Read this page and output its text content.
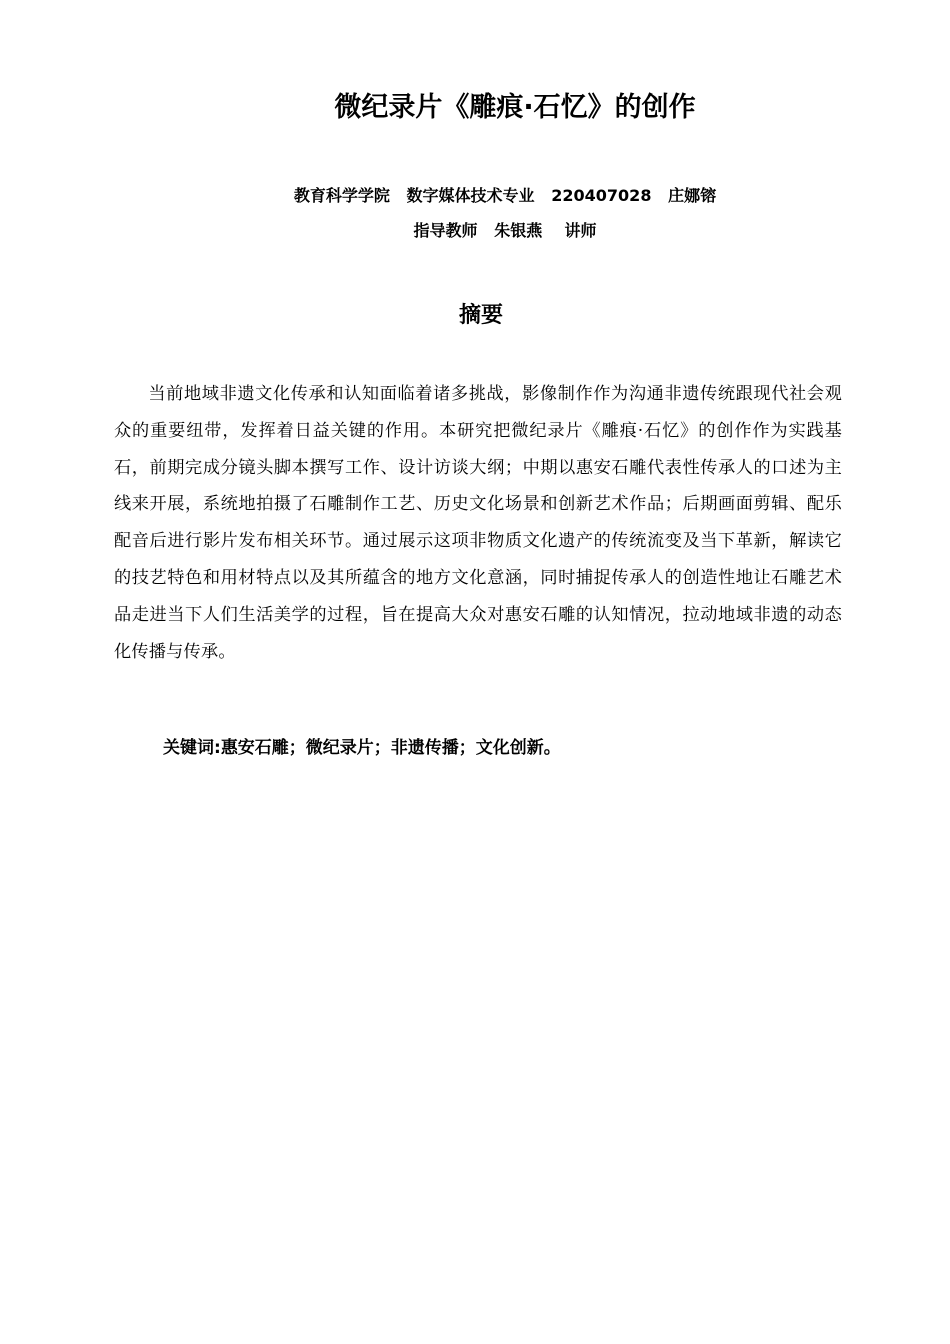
微纪录片《雕痕·石忆》的创作
教育科学学院   数字媒体技术专业   220407028   庄娜镕
指导教师   朱银燕    讲师
摘要

当前地域非遗文化传承和认知面临着诸多挑战，影像制作作为沟通非遗传统跟现代社会观众的重要纽带，发挥着日益关键的作用。本研究把微纪录片《雕痕·石忆》的创作作为实践基石，前期完成分镜头脚本撰写工作、设计访谈大纲；中期以惠安石雕代表性传承人的口述为主线来开展，系统地拍摄了石雕制作工艺、历史文化场景和创新艺术作品；后期画面剪辑、配乐配音后进行影片发布相关环节。通过展示这项非物质文化遗产的传统流变及当下革新，解读它的技艺特色和用材特点以及其所蕴含的地方文化意涵，同时捕捉传承人的创造性地让石雕艺术品走进当下人们生活美学的过程，旨在提高大众对惠安石雕的认知情况，拉动地域非遗的动态化传播与传承。

关键词:惠安石雕；微纪录片；非遗传播；文化创新。
